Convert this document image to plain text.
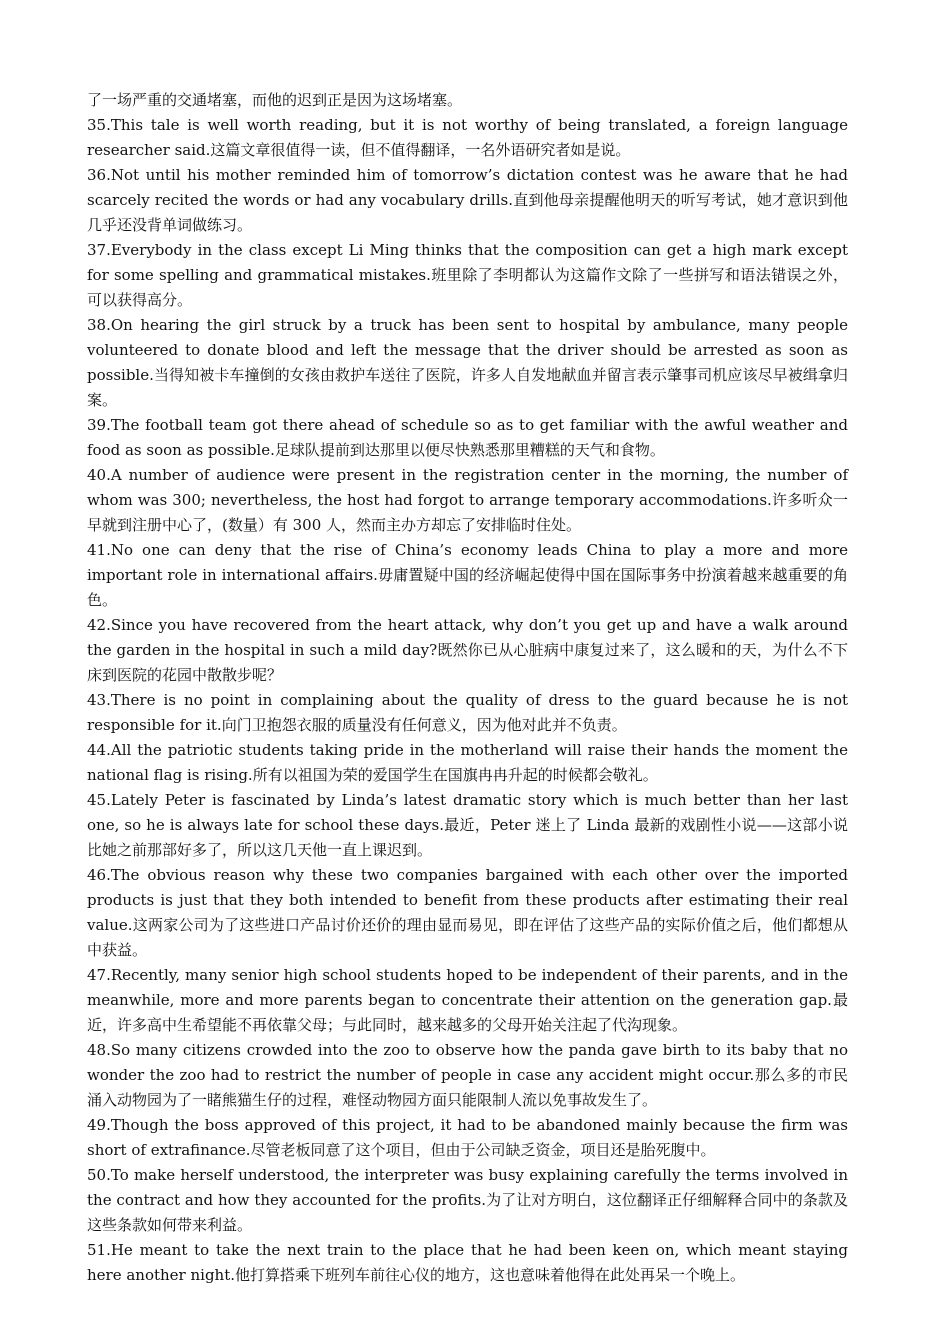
了一场严重的交通堵塞，而他的迟到正是因为这场堵塞。

35.This tale is well worth reading, but it is not worthy of being translated, a foreign language researcher said.这篇文章很值得一读，但不值得翻译，一名外语研究者如是说。

36.Not until his mother reminded him of tomorrow’s dictation contest was he aware that he had scarcely recited the words or had any vocabulary drills.直到他母亲提醒他明天的听写考试，她才意识到他几乎还没背单词做练习。

37.Everybody in the class except Li Ming thinks that the composition can get a high mark except for some spelling and grammatical mistakes.班里除了李明都认为这篇作文除了一些拼写和语法错误之外，可以获得高分。

38.On hearing the girl struck by a truck has been sent to hospital by ambulance, many people volunteered to donate blood and left the message that the driver should be arrested as soon as possible.当得知被卡车撞倒的女孩由救护车送往了医院，许多人自发地献血并留言表示肇事司机应该尽早被缉拿归案。

39.The football team got there ahead of schedule so as to get familiar with the awful weather and food as soon as possible.足球队提前到达那里以便尽快熟悉那里糟糕的天气和食物。

40.A number of audience were present in the registration center in the morning, the number of whom was 300; nevertheless, the host had forgot to arrange temporary accommodations.许多听众一早就到注册中心了，(数量）有 300 人，然而主办方却忘了安排临时住处。

41.No one can deny that the rise of China’s economy leads China to play a more and more important role in international affairs.毋庸置疑中国的经济崛起使得中国在国际事务中扮演着越来越重要的角色。

42.Since you have recovered from the heart attack, why don’t you get up and have a walk around the garden in the hospital in such a mild day?既然你已从心脏病中康复过来了，这么暖和的天，为什么不下床到医院的花园中散散步呢？

43.There is no point in complaining about the quality of dress to the guard because he is not responsible for it.向门卫抱怨衣服的质量没有任何意义，因为他对此并不负责。

44.All the patriotic students taking pride in the motherland will raise their hands the moment the national flag is rising.所有以祖国为荣的爱国学生在国旗冉冉升起的时候都会敬礼。

45.Lately Peter is fascinated by Linda’s latest dramatic story which is much better than her last one, so he is always late for school these days.最近，Peter 迷上了 Linda 最新的戏剧性小说——这部小说比她之前那部好多了，所以这几天他一直上课迟到。

46.The obvious reason why these two companies bargained with each other over the imported products is just that they both intended to benefit from these products after estimating their real value.这两家公司为了这些进口产品讨价还价的理由显而易见，即在评估了这些产品的实际价值之后，他们都想从中获益。

47.Recently, many senior high school students hoped to be independent of their parents, and in the meanwhile, more and more parents began to concentrate their attention on the generation gap.最近，许多高中生希望能不再依靠父母；与此同时，越来越多的父母开始关注起了代沟现象。

48.So many citizens crowded into the zoo to observe how the panda gave birth to its baby that no wonder the zoo had to restrict the number of people in case any accident might occur.那么多的市民涌入动物园为了一睹熊猫生仔的过程，难怪动物园方面只能限制人流以免事故发生了。

49.Though the boss approved of this project, it had to be abandoned mainly because the firm was short of extrafinance.尽管老板同意了这个项目，但由于公司缺乏资金，项目还是胎死腹中。

50.To make herself understood, the interpreter was busy explaining carefully the terms involved in the contract and how they accounted for the profits.为了让对方明白，这位翻译正仔细解释合同中的条款及这些条款如何带来利益。

51.He meant to take the next train to the place that he had been keen on, which meant staying here another night.他打算搭乘下班列车前往心仪的地方，这也意味着他得在此处再呆一个晚上。
